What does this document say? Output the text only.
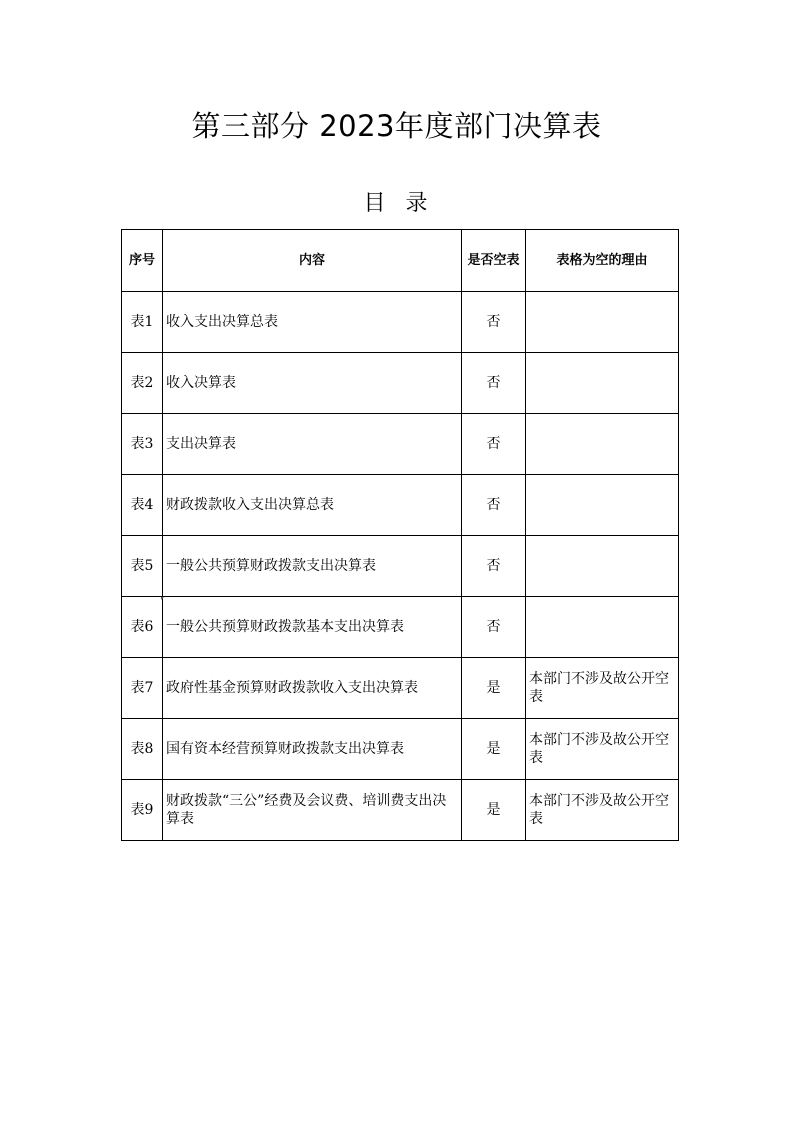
第三部分 2023年度部门决算表
目  录
序号	内容	是否空表	表格为空的理由
表1	收入支出决算总表	否	
表2	收入决算表	否	
表3	支出决算表	否	
表4	财政拨款收入支出决算总表	否	
表5	一般公共预算财政拨款支出决算表	否	
表6	一般公共预算财政拨款基本支出决算表	否	
表7	政府性基金预算财政拨款收入支出决算表	是	本部门不涉及故公开空表
表8	国有资本经营预算财政拨款支出决算表	是	本部门不涉及故公开空表
表9	财政拨款“三公”经费及会议费、培训费支出决算表	是	本部门不涉及故公开空表
